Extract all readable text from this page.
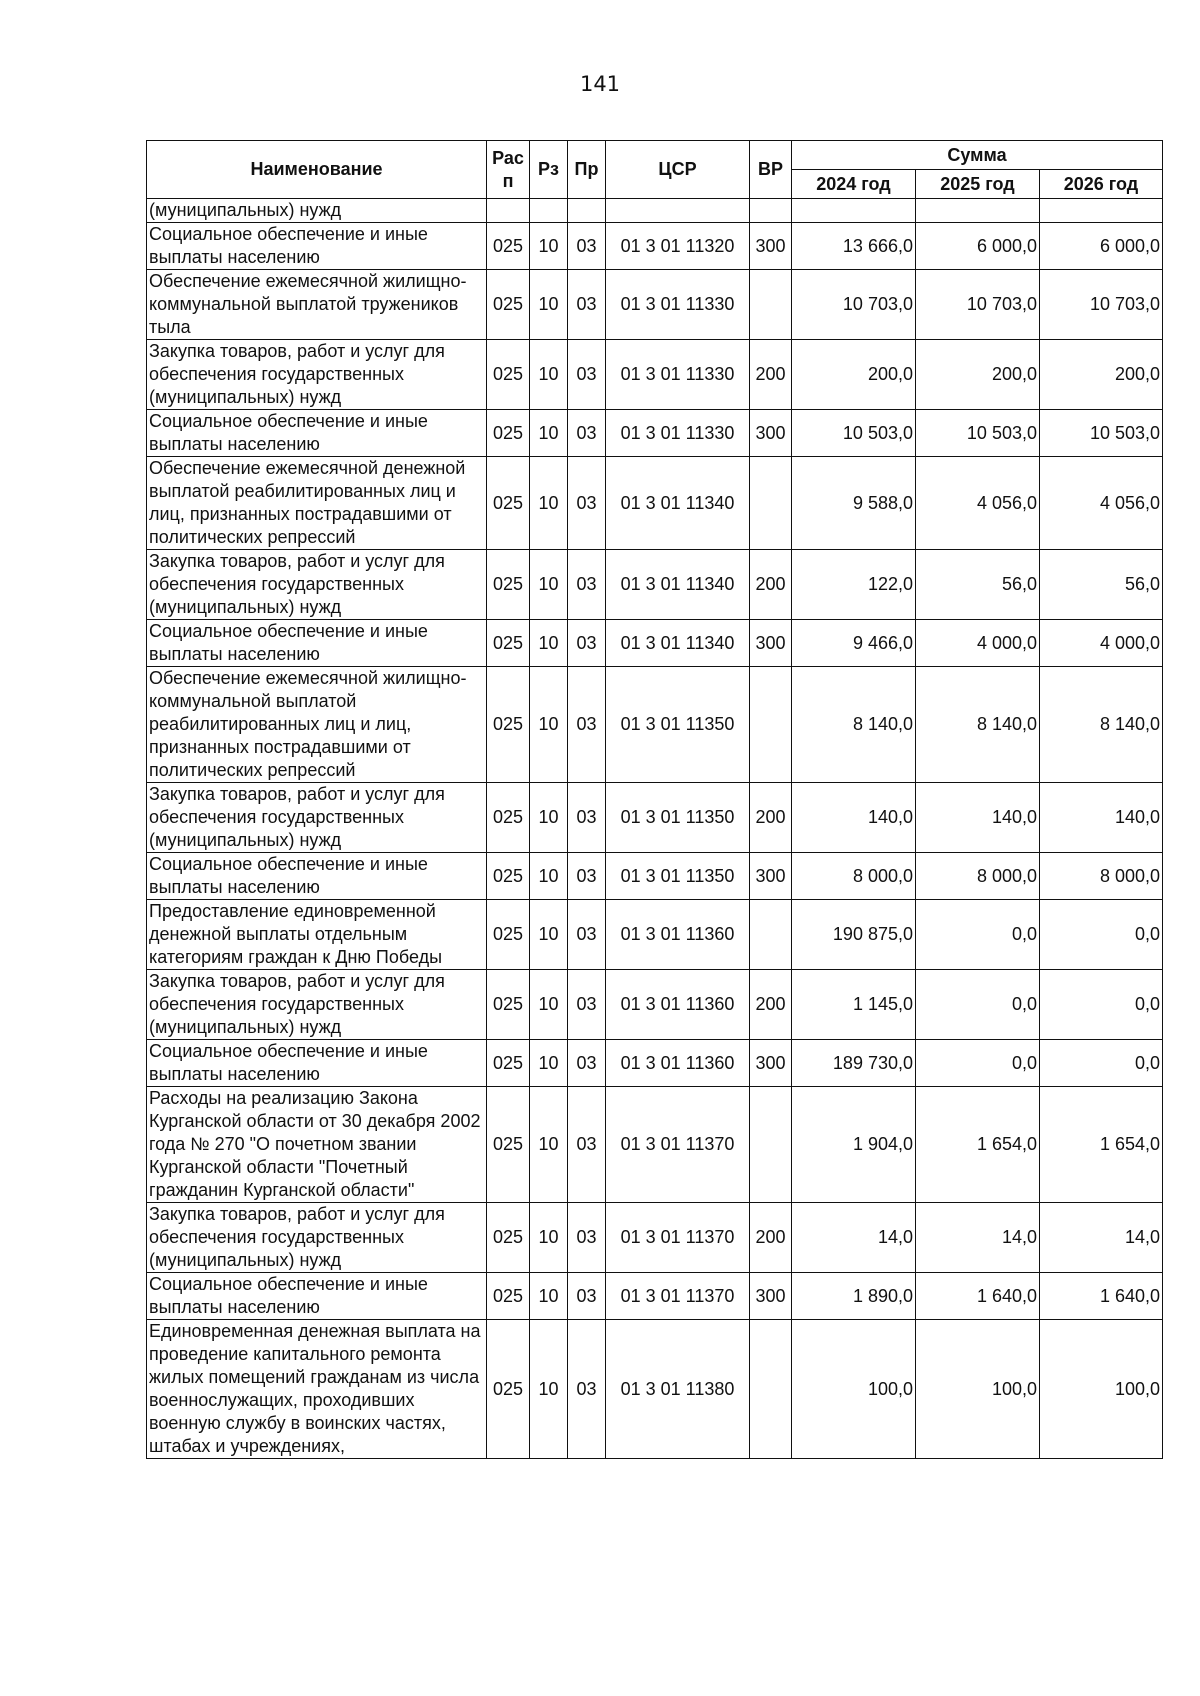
141
Наименование	Рас п	Рз	Пр	ЦСР	ВР	Сумма		
						2024 год	2025 год	2026 год
(муниципальных) нужд								
Социальное обеспечение и иные выплаты населению	025	10	03	01 3 01 11320	300	13 666,0	6 000,0	6 000,0
Обеспечение ежемесячной жилищно-коммунальной выплатой тружеников тыла	025	10	03	01 3 01 11330		10 703,0	10 703,0	10 703,0
Закупка товаров, работ и услуг для обеспечения государственных (муниципальных) нужд	025	10	03	01 3 01 11330	200	200,0	200,0	200,0
Социальное обеспечение и иные выплаты населению	025	10	03	01 3 01 11330	300	10 503,0	10 503,0	10 503,0
Обеспечение ежемесячной денежной выплатой реабилитированных лиц и лиц, признанных пострадавшими от политических репрессий	025	10	03	01 3 01 11340		9 588,0	4 056,0	4 056,0
Закупка товаров, работ и услуг для обеспечения государственных (муниципальных) нужд	025	10	03	01 3 01 11340	200	122,0	56,0	56,0
Социальное обеспечение и иные выплаты населению	025	10	03	01 3 01 11340	300	9 466,0	4 000,0	4 000,0
Обеспечение ежемесячной жилищно-коммунальной выплатой реабилитированных лиц и лиц, признанных пострадавшими от политических репрессий	025	10	03	01 3 01 11350		8 140,0	8 140,0	8 140,0
Закупка товаров, работ и услуг для обеспечения государственных (муниципальных) нужд	025	10	03	01 3 01 11350	200	140,0	140,0	140,0
Социальное обеспечение и иные выплаты населению	025	10	03	01 3 01 11350	300	8 000,0	8 000,0	8 000,0
Предоставление единовременной денежной выплаты отдельным категориям граждан к Дню Победы	025	10	03	01 3 01 11360		190 875,0	0,0	0,0
Закупка товаров, работ и услуг для обеспечения государственных (муниципальных) нужд	025	10	03	01 3 01 11360	200	1 145,0	0,0	0,0
Социальное обеспечение и иные выплаты населению	025	10	03	01 3 01 11360	300	189 730,0	0,0	0,0
Расходы на реализацию Закона Курганской области от 30 декабря 2002 года № 270 "О почетном звании Курганской области "Почетный гражданин Курганской области"	025	10	03	01 3 01 11370		1 904,0	1 654,0	1 654,0
Закупка товаров, работ и услуг для обеспечения государственных (муниципальных) нужд	025	10	03	01 3 01 11370	200	14,0	14,0	14,0
Социальное обеспечение и иные выплаты населению	025	10	03	01 3 01 11370	300	1 890,0	1 640,0	1 640,0
Единовременная денежная выплата на проведение капитального ремонта жилых помещений гражданам из числа военнослужащих, проходивших военную службу в воинских частях, штабах и учреждениях,	025	10	03	01 3 01 11380		100,0	100,0	100,0
